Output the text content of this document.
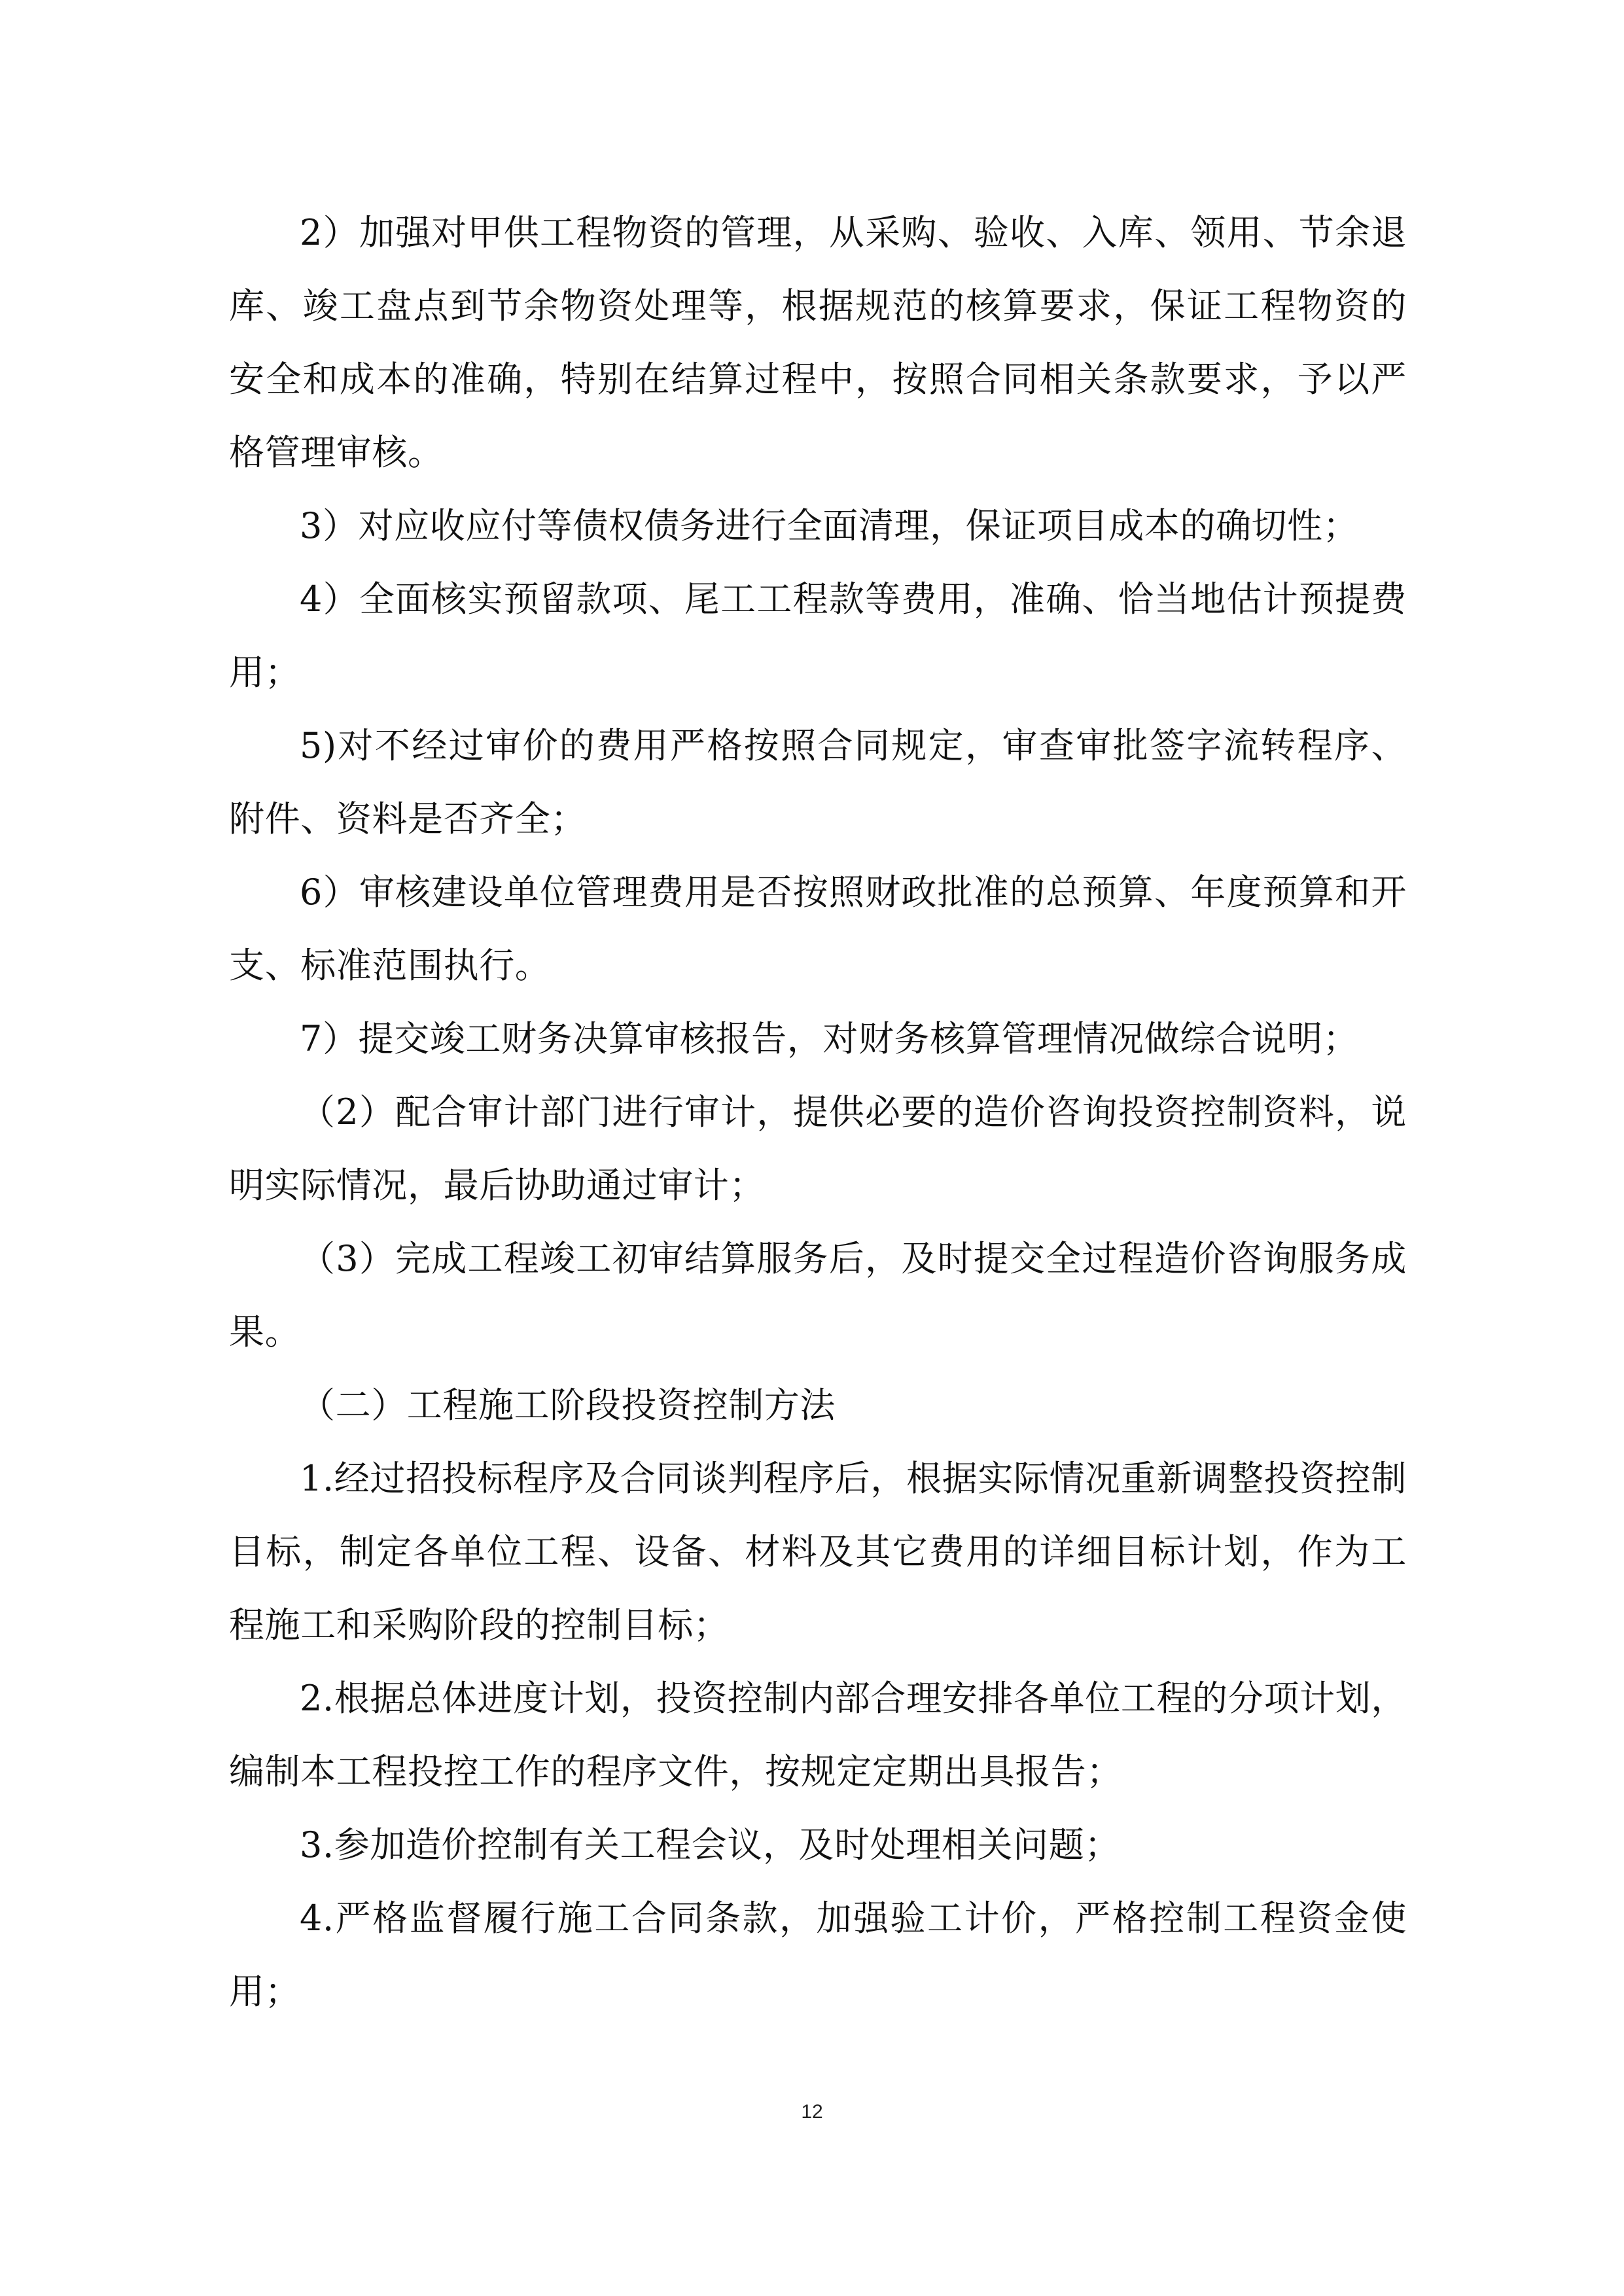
2）加强对甲供工程物资的管理，从采购、验收、入库、领用、节余退库、竣工盘点到节余物资处理等，根据规范的核算要求，保证工程物资的安全和成本的准确，特别在结算过程中，按照合同相关条款要求，予以严格管理审核。

3）对应收应付等债权债务进行全面清理，保证项目成本的确切性；

4）全面核实预留款项、尾工工程款等费用，准确、恰当地估计预提费用；

5)对不经过审价的费用严格按照合同规定，审查审批签字流转程序、附件、资料是否齐全；

6）审核建设单位管理费用是否按照财政批准的总预算、年度预算和开支、标准范围执行。

7）提交竣工财务决算审核报告，对财务核算管理情况做综合说明；

（2）配合审计部门进行审计，提供必要的造价咨询投资控制资料，说明实际情况，最后协助通过审计；

（3）完成工程竣工初审结算服务后，及时提交全过程造价咨询服务成果。

（二）工程施工阶段投资控制方法

1.经过招投标程序及合同谈判程序后，根据实际情况重新调整投资控制目标，制定各单位工程、设备、材料及其它费用的详细目标计划，作为工程施工和采购阶段的控制目标；

2.根据总体进度计划，投资控制内部合理安排各单位工程的分项计划，编制本工程投控工作的程序文件，按规定定期出具报告；

3.参加造价控制有关工程会议，及时处理相关问题；

4.严格监督履行施工合同条款，加强验工计价，严格控制工程资金使用；

12
